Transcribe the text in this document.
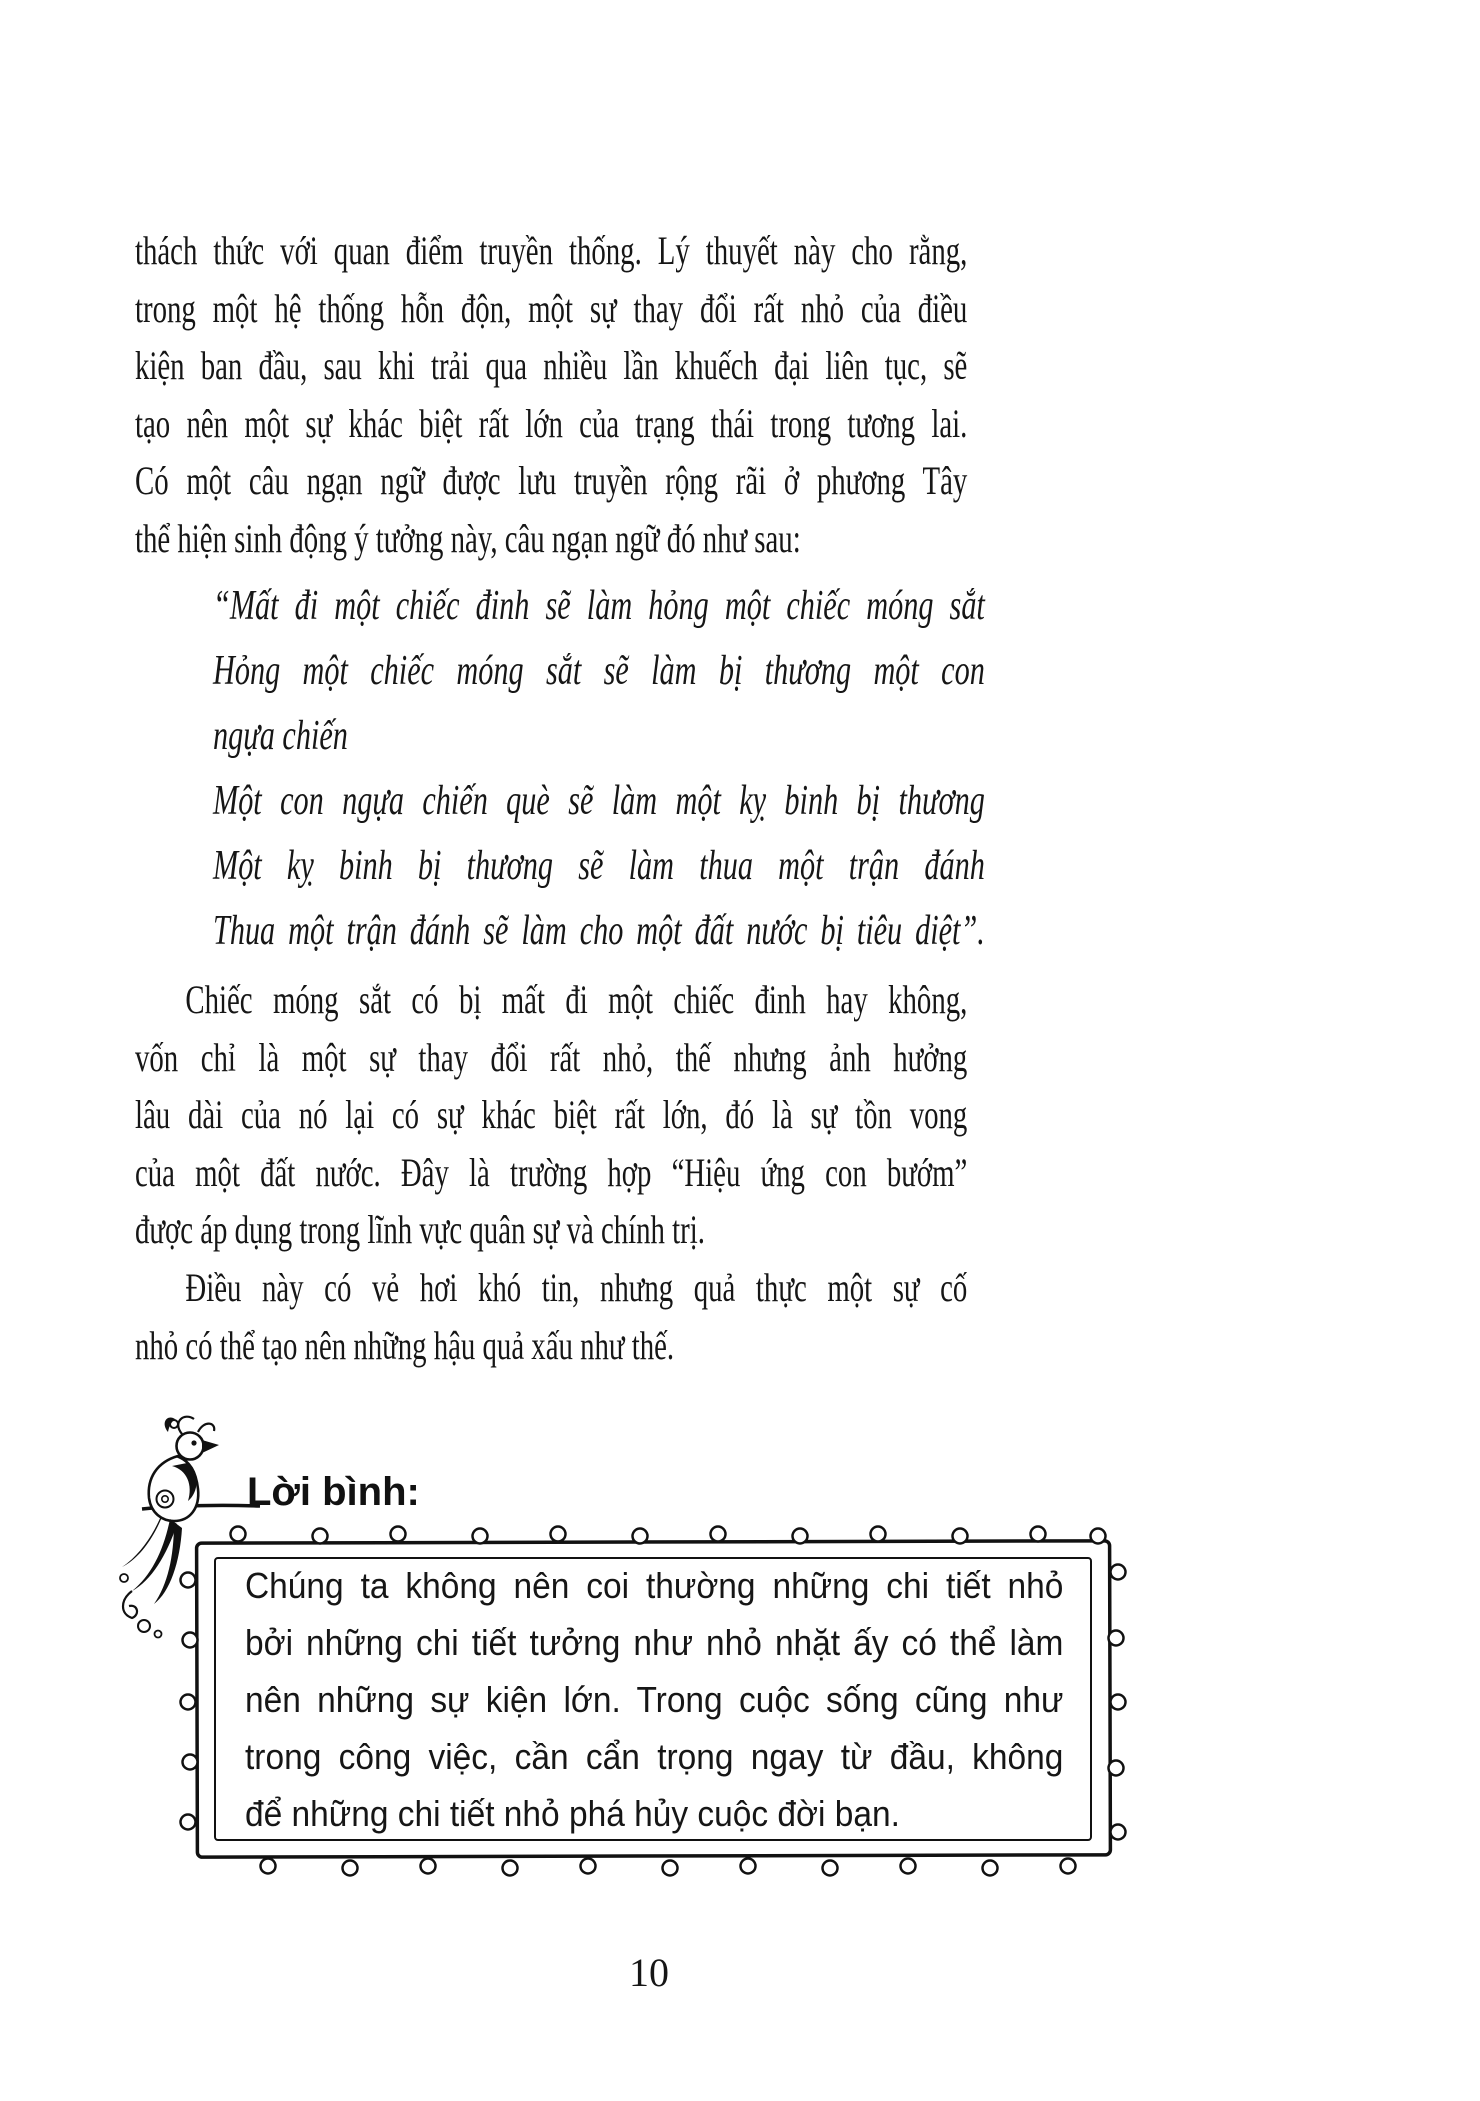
thách thức với quan điểm truyền thống. Lý thuyết này cho rằng,
trong một hệ thống hỗn độn, một sự thay đổi rất nhỏ của điều
kiện ban đầu, sau khi trải qua nhiều lần khuếch đại liên tục, sẽ
tạo nên một sự khác biệt rất lớn của trạng thái trong tương lai.
Có một câu ngạn ngữ được lưu truyền rộng rãi ở phương Tây
thể hiện sinh động ý tưởng này, câu ngạn ngữ đó như sau:
“Mất đi một chiếc đinh sẽ làm hỏng một chiếc móng sắt
Hỏng một chiếc móng sắt sẽ làm bị thương một con
ngựa chiến
Một con ngựa chiến què sẽ làm một kỵ binh bị thương
Một kỵ binh bị thương sẽ làm thua một trận đánh
Thua một trận đánh sẽ làm cho một đất nước bị tiêu diệt”.
Chiếc móng sắt có bị mất đi một chiếc đinh hay không,
vốn chỉ là một sự thay đổi rất nhỏ, thế nhưng ảnh hưởng
lâu dài của nó lại có sự khác biệt rất lớn, đó là sự tồn vong
của một đất nước. Đây là trường hợp “Hiệu ứng con bướm”
được áp dụng trong lĩnh vực quân sự và chính trị.
Điều này có vẻ hơi khó tin, nhưng quả thực một sự cố
nhỏ có thể tạo nên những hậu quả xấu như thế.
Lời bình:
Chúng ta không nên coi thường những chi tiết nhỏ
bởi những chi tiết tưởng như nhỏ nhặt ấy có thể làm
nên những sự kiện lớn. Trong cuộc sống cũng như
trong công việc, cần cẩn trọng ngay từ đầu, không
để những chi tiết nhỏ phá hủy cuộc đời bạn.
10
